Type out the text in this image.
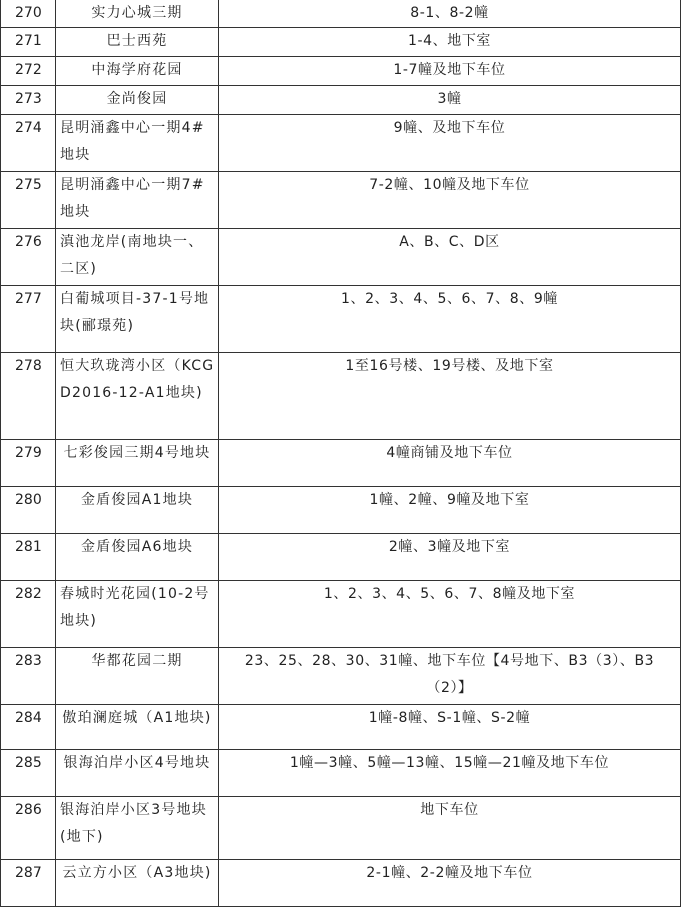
270	实力心城三期	8-1、8-2幢
271	巴士西苑	1-4、地下室
272	中海学府花园	1-7幢及地下车位
273	金尚俊园	3幢
274	昆明涌鑫中心一期4#地块	9幢、及地下车位
275	昆明涌鑫中心一期7#地块	7-2幢、10幢及地下车位
276	滇池龙岸(南地块一、二区)	A、B、C、D区
277	白葡城项目-37-1号地块(郦璟苑)	1、2、3、4、5、6、7、8、9幢
278	恒大玖珑湾小区（KCGD2016-12-A1地块)	1至16号楼、19号楼、及地下室
279	七彩俊园三期4号地块	4幢商铺及地下车位
280	金盾俊园A1地块	1幢、2幢、9幢及地下室
281	金盾俊园A6地块	2幢、3幢及地下室
282	春城时光花园(10-2号地块)	1、2、3、4、5、6、7、8幢及地下室
283	华都花园二期	23、25、28、30、31幢、地下车位【4号地下、B3（3）、B3（2）】
284	傲珀澜庭城（A1地块)	1幢-8幢、S-1幢、S-2幢
285	银海泊岸小区4号地块	1幢—3幢、5幢—13幢、15幢—21幢及地下车位
286	银海泊岸小区3号地块(地下)	地下车位
287	云立方小区（A3地块)	2-1幢、2-2幢及地下车位
